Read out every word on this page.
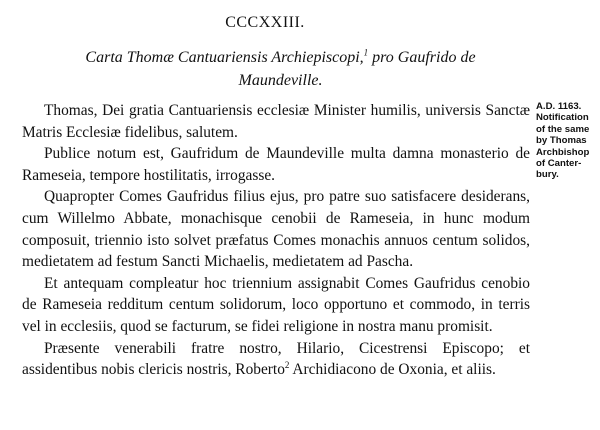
CCCXXIII.
Carta Thomæ Cantuariensis Archiepiscopi,$^1$ pro Gaufrido de Maundeville.

Thomas, Dei gratia Cantuariensis ecclesiæ Minister humilis, universis Sanctæ Matris Ecclesiæ fidelibus, salutem.

Publice notum est, Gaufridum de Maundeville multa damna monasterio de Rameseia, tempore hostilitatis, irrogasse.

Quapropter Comes Gaufridus filius ejus, pro patre suo satisfacere desiderans, cum Willelmo Abbate, monachisque cenobii de Rameseia, in hunc modum composuit, triennio isto solvet præfatus Comes monachis annuos centum solidos, medietatem ad festum Sancti Michaelis, medietatem ad Pascha.

Et antequam compleatur hoc triennium assignabit Comes Gaufridus cenobio de Rameseia redditum centum solidorum, loco opportuno et commodo, in terris vel in ecclesiis, quod se facturum, se fidei religione in nostra manu promisit.

Præsente venerabili fratre nostro, Hilario, Cicestrensi Episcopo; et assidentibus nobis clericis nostris, Roberto$^2$ Archidiacono de Oxonia, et aliis.

A.D. 1163.
Notification
of the same
by Thomas
Archbishop
of Canter-
bury.
